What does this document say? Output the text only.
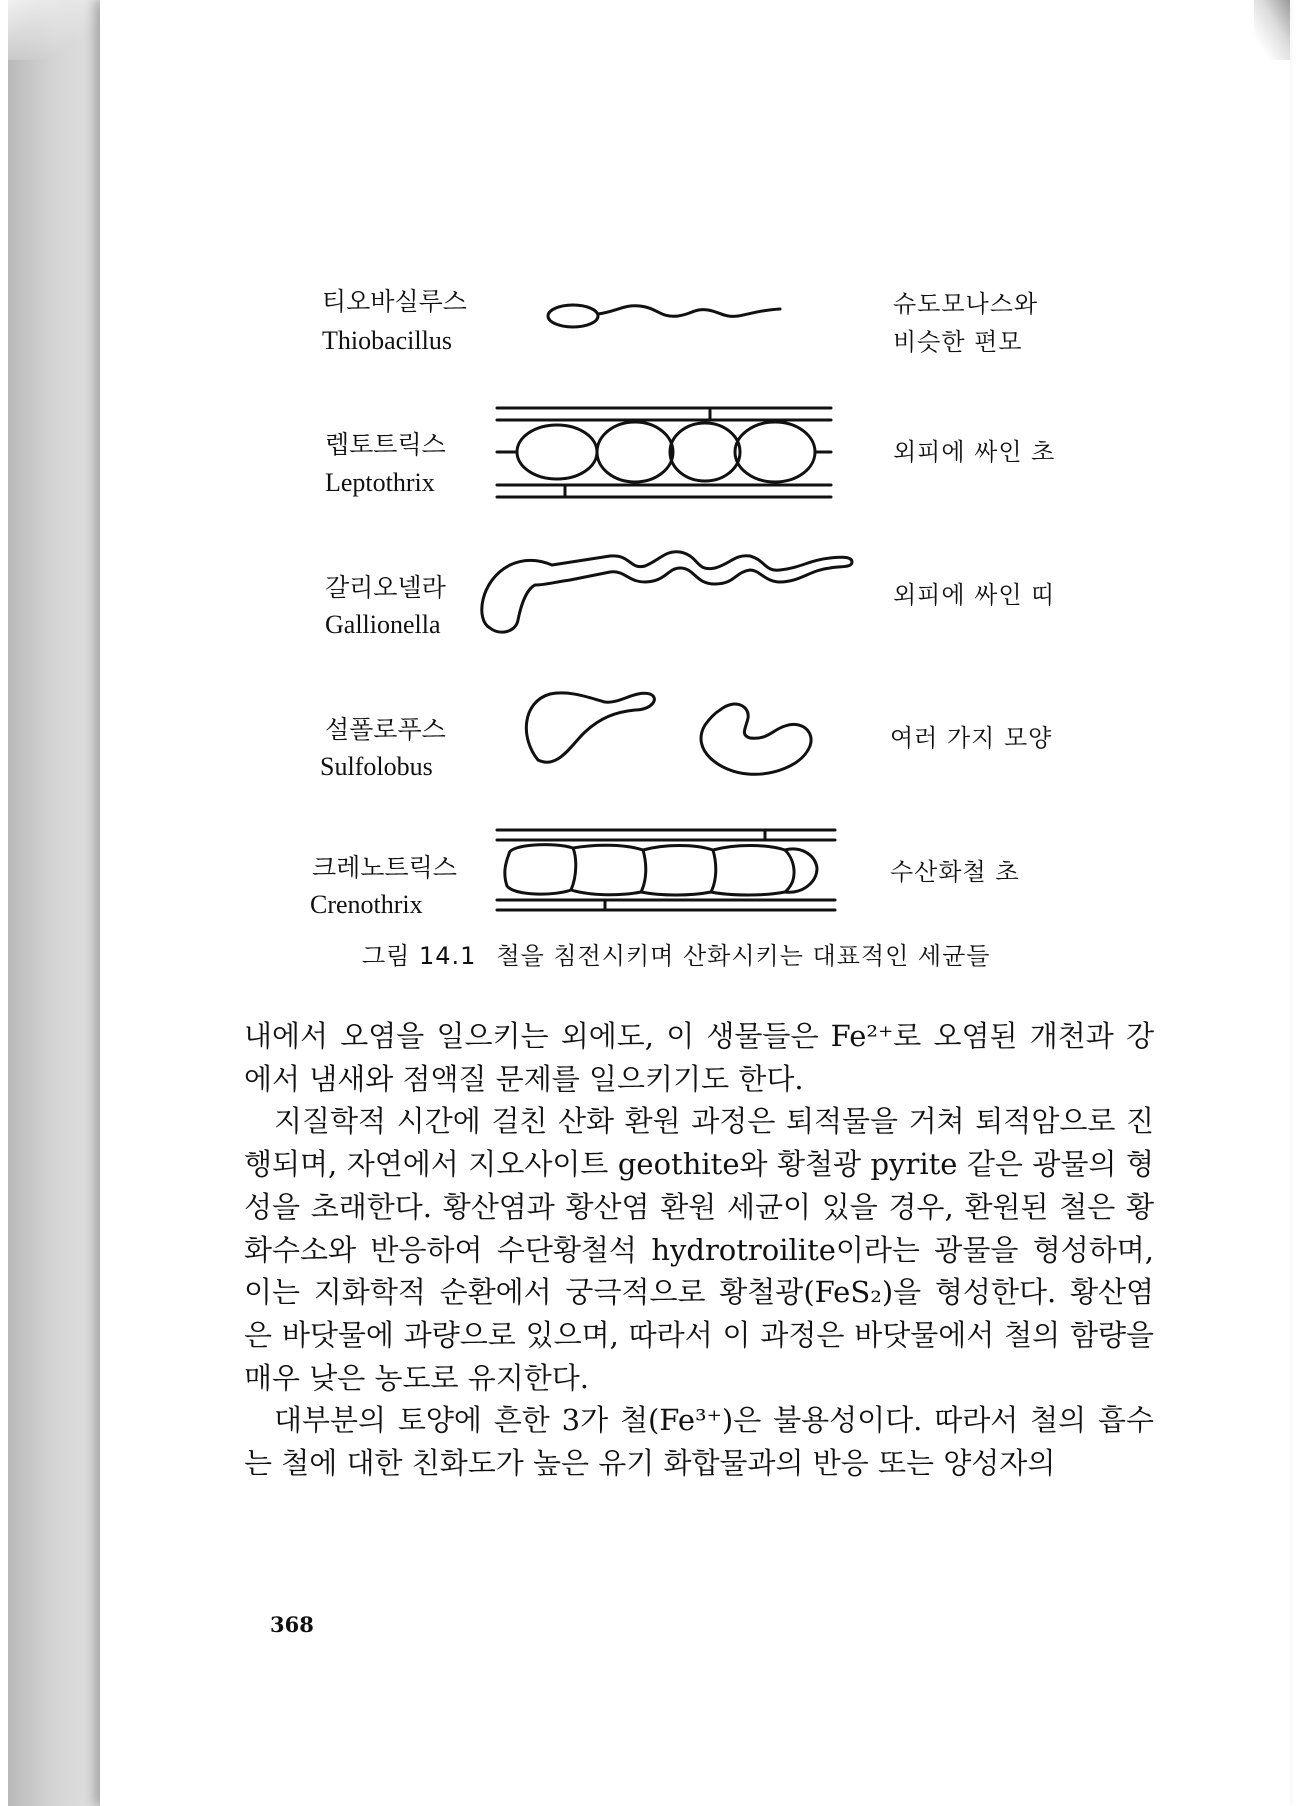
티오바실루스
Thiobacillus
슈도모나스와
비슷한 편모
렙토트릭스
Leptothrix
외피에 싸인 초
갈리오넬라
Gallionella
외피에 싸인 띠
설폴로푸스
Sulfolobus
여러 가지 모양
크레노트릭스
Crenothrix
수산화철 초
그림 14.1 철을 침전시키며 산화시키는 대표적인 세균들

내에서 오염을 일으키는 외에도, 이 생물들은 Fe²⁺로 오염된 개천과 강에서 냄새와 점액질 문제를 일으키기도 한다.

지질학적 시간에 걸친 산화 환원 과정은 퇴적물을 거쳐 퇴적암으로 진행되며, 자연에서 지오사이트 geothite와 황철광 pyrite 같은 광물의 형성을 초래한다. 황산염과 황산염 환원 세균이 있을 경우, 환원된 철은 황화수소와 반응하여 수단황철석 hydrotroilite이라는 광물을 형성하며, 이는 지화학적 순환에서 궁극적으로 황철광(FeS₂)을 형성한다. 황산염은 바닷물에 과량으로 있으며, 따라서 이 과정은 바닷물에서 철의 함량을 매우 낮은 농도로 유지한다.

대부분의 토양에 흔한 3가 철(Fe³⁺)은 불용성이다. 따라서 철의 흡수는 철에 대한 친화도가 높은 유기 화합물과의 반응 또는 양성자의

368
